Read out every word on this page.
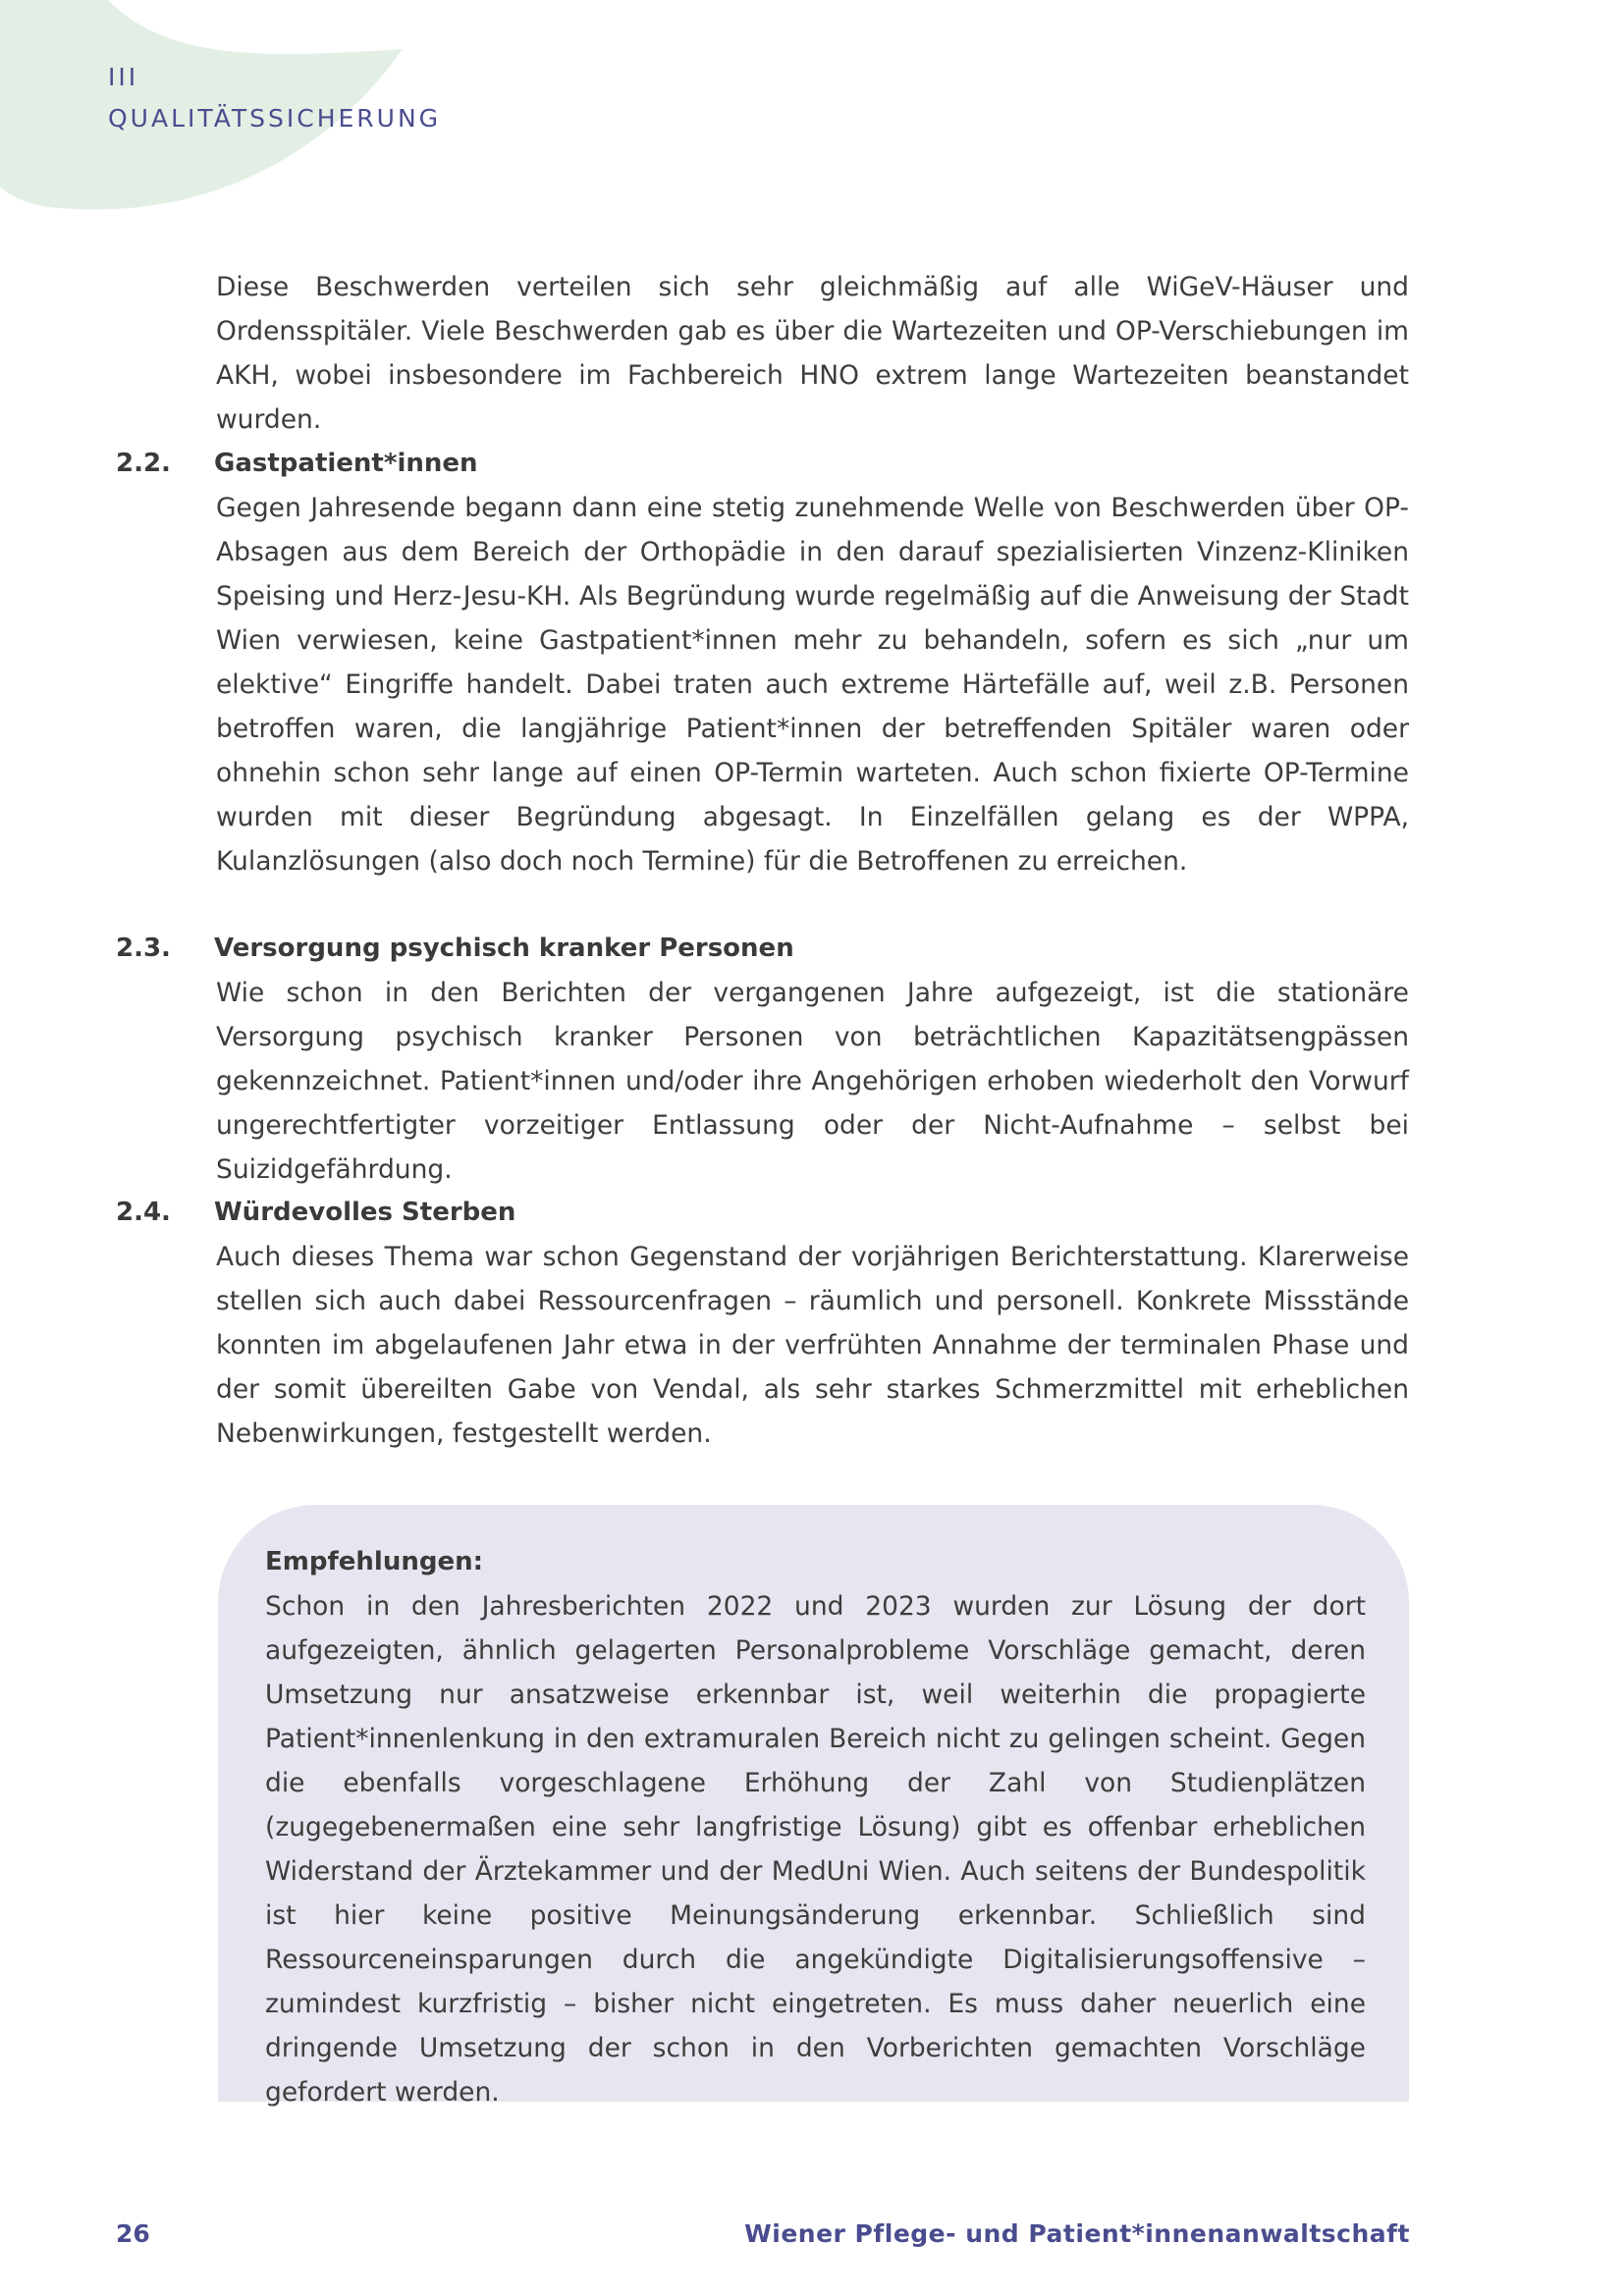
III
QUALITÄTSSICHERUNG

Diese Beschwerden verteilen sich sehr gleichmäßig auf alle WiGeV-Häuser und Ordensspitäler. Viele Beschwerden gab es über die Wartezeiten und OP-Verschiebungen im AKH, wobei insbesondere im Fachbereich HNO extrem lange Wartezeiten beanstandet wurden.

2.2.	Gastpatient*innen

Gegen Jahresende begann dann eine stetig zunehmende Welle von Beschwerden über OP-Absagen aus dem Bereich der Orthopädie in den darauf spezialisierten Vinzenz-Kliniken Speising und Herz-Jesu-KH. Als Begründung wurde regelmäßig auf die Anweisung der Stadt Wien verwiesen, keine Gastpatient*innen mehr zu behandeln, sofern es sich „nur um elektive“ Eingriffe handelt. Dabei traten auch extreme Härtefälle auf, weil z.B. Personen betroffen waren, die langjährige Patient*innen der betreffenden Spitäler waren oder ohnehin schon sehr lange auf einen OP-Termin warteten. Auch schon fixierte OP-Termine wurden mit dieser Begründung abgesagt. In Einzelfällen gelang es der WPPA, Kulanzlösungen (also doch noch Termine) für die Betroffenen zu erreichen.

2.3.	Versorgung psychisch kranker Personen

Wie schon in den Berichten der vergangenen Jahre aufgezeigt, ist die stationäre Versorgung psychisch kranker Personen von beträchtlichen Kapazitätsengpässen gekennzeichnet. Patient*innen und/oder ihre Angehörigen erhoben wiederholt den Vorwurf ungerechtfertigter vorzeitiger Entlassung oder der Nicht-Aufnahme – selbst bei Suizidgefährdung.

2.4.	Würdevolles Sterben

Auch dieses Thema war schon Gegenstand der vorjährigen Berichterstattung. Klarerweise stellen sich auch dabei Ressourcenfragen – räumlich und personell. Konkrete Missstände konnten im abgelaufenen Jahr etwa in der verfrühten Annahme der terminalen Phase und der somit übereilten Gabe von Vendal, als sehr starkes Schmerzmittel mit erheblichen Nebenwirkungen, festgestellt werden.

Empfehlungen:

Schon in den Jahresberichten 2022 und 2023 wurden zur Lösung der dort aufgezeigten, ähnlich gelagerten Personalprobleme Vorschläge gemacht, deren Umsetzung nur ansatzweise erkennbar ist, weil weiterhin die propagierte Patient*innenlenkung in den extramuralen Bereich nicht zu gelingen scheint. Gegen die ebenfalls vorgeschlagene Erhöhung der Zahl von Studienplätzen (zugegebenermaßen eine sehr langfristige Lösung) gibt es offenbar erheblichen Widerstand der Ärztekammer und der MedUni Wien. Auch seitens der Bundespolitik ist hier keine positive Meinungsänderung erkennbar. Schließlich sind Ressourceneinsparungen durch die angekündigte Digitalisierungsoffensive – zumindest kurzfristig – bisher nicht eingetreten. Es muss daher neuerlich eine dringende Umsetzung der schon in den Vorberichten gemachten Vorschläge gefordert werden.

26	Wiener Pflege- und Patient*innenanwaltschaft
